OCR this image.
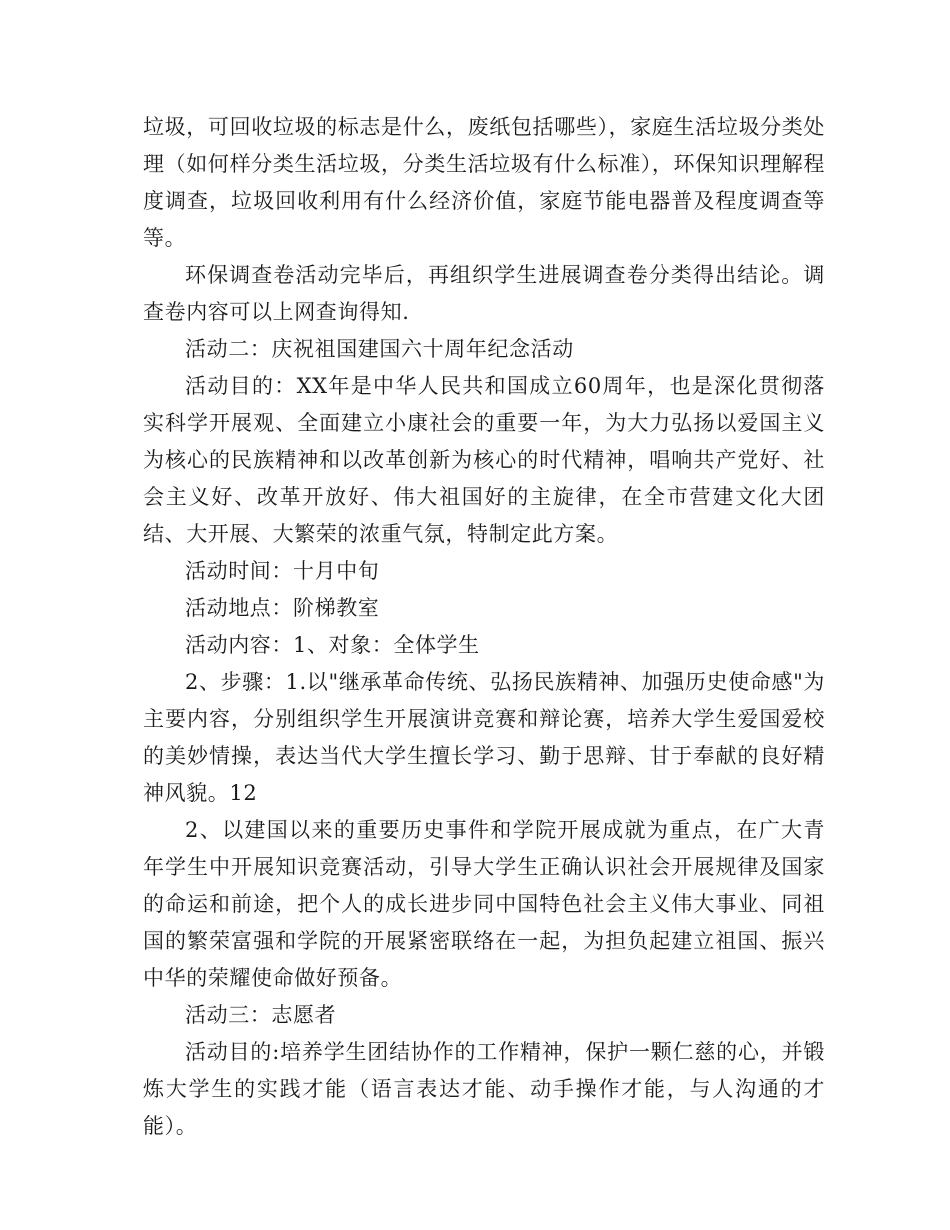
垃圾，可回收垃圾的标志是什么，废纸包括哪些），家庭生活垃圾分类处理（如何样分类生活垃圾，分类生活垃圾有什么标准），环保知识理解程度调查，垃圾回收利用有什么经济价值，家庭节能电器普及程度调查等等。

环保调查卷活动完毕后，再组织学生进展调查卷分类得出结论。调查卷内容可以上网查询得知.

活动二：庆祝祖国建国六十周年纪念活动

活动目的：XX年是中华人民共和国成立60周年，也是深化贯彻落实科学开展观、全面建立小康社会的重要一年，为大力弘扬以爱国主义为核心的民族精神和以改革创新为核心的时代精神，唱响共产党好、社会主义好、改革开放好、伟大祖国好的主旋律，在全市营建文化大团结、大开展、大繁荣的浓重气氛，特制定此方案。

活动时间：十月中旬

活动地点：阶梯教室

活动内容：1、对象：全体学生

2、步骤：1.以"继承革命传统、弘扬民族精神、加强历史使命感"为主要内容，分别组织学生开展演讲竞赛和辩论赛，培养大学生爱国爱校的美妙情操，表达当代大学生擅长学习、勤于思辩、甘于奉献的良好精神风貌。12

2、以建国以来的重要历史事件和学院开展成就为重点，在广大青年学生中开展知识竞赛活动，引导大学生正确认识社会开展规律及国家的命运和前途，把个人的成长进步同中国特色社会主义伟大事业、同祖国的繁荣富强和学院的开展紧密联络在一起，为担负起建立祖国、振兴中华的荣耀使命做好预备。

活动三：志愿者

活动目的:培养学生团结协作的工作精神，保护一颗仁慈的心，并锻炼大学生的实践才能（语言表达才能、动手操作才能，与人沟通的才能）。
